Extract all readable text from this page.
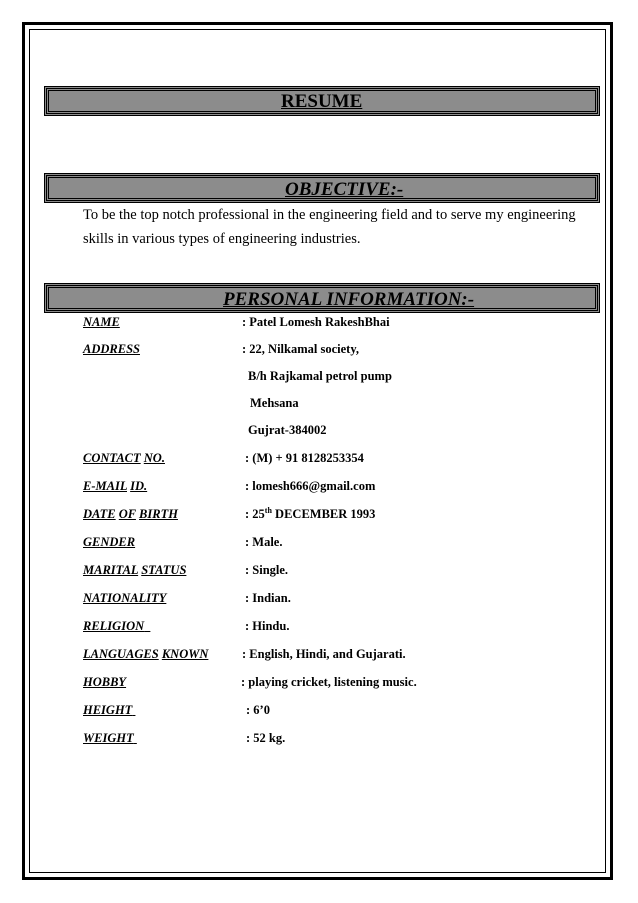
RESUME
OBJECTIVE:-
To be the top notch professional in the engineering field and to serve my engineering skills in various types of engineering industries.
PERSONAL INFORMATION:-
NAME	: Patel Lomesh RakeshBhai
ADDRESS	: 22, Nilkamal society,
B/h Rajkamal petrol pump
Mehsana
Gujrat-384002
CONTACT NO.	: (M) + 91 8128253354
E-MAIL ID.	: lomesh666@gmail.com
DATE OF BIRTH	: 25th DECEMBER 1993
GENDER	: Male.
MARITAL STATUS	: Single.
NATIONALITY	: Indian.
RELIGION	: Hindu.
LANGUAGES KNOWN	: English, Hindi, and Gujarati.
HOBBY	: playing cricket, listening music.
HEIGHT	: 6’0
WEIGHT	: 52 kg.
